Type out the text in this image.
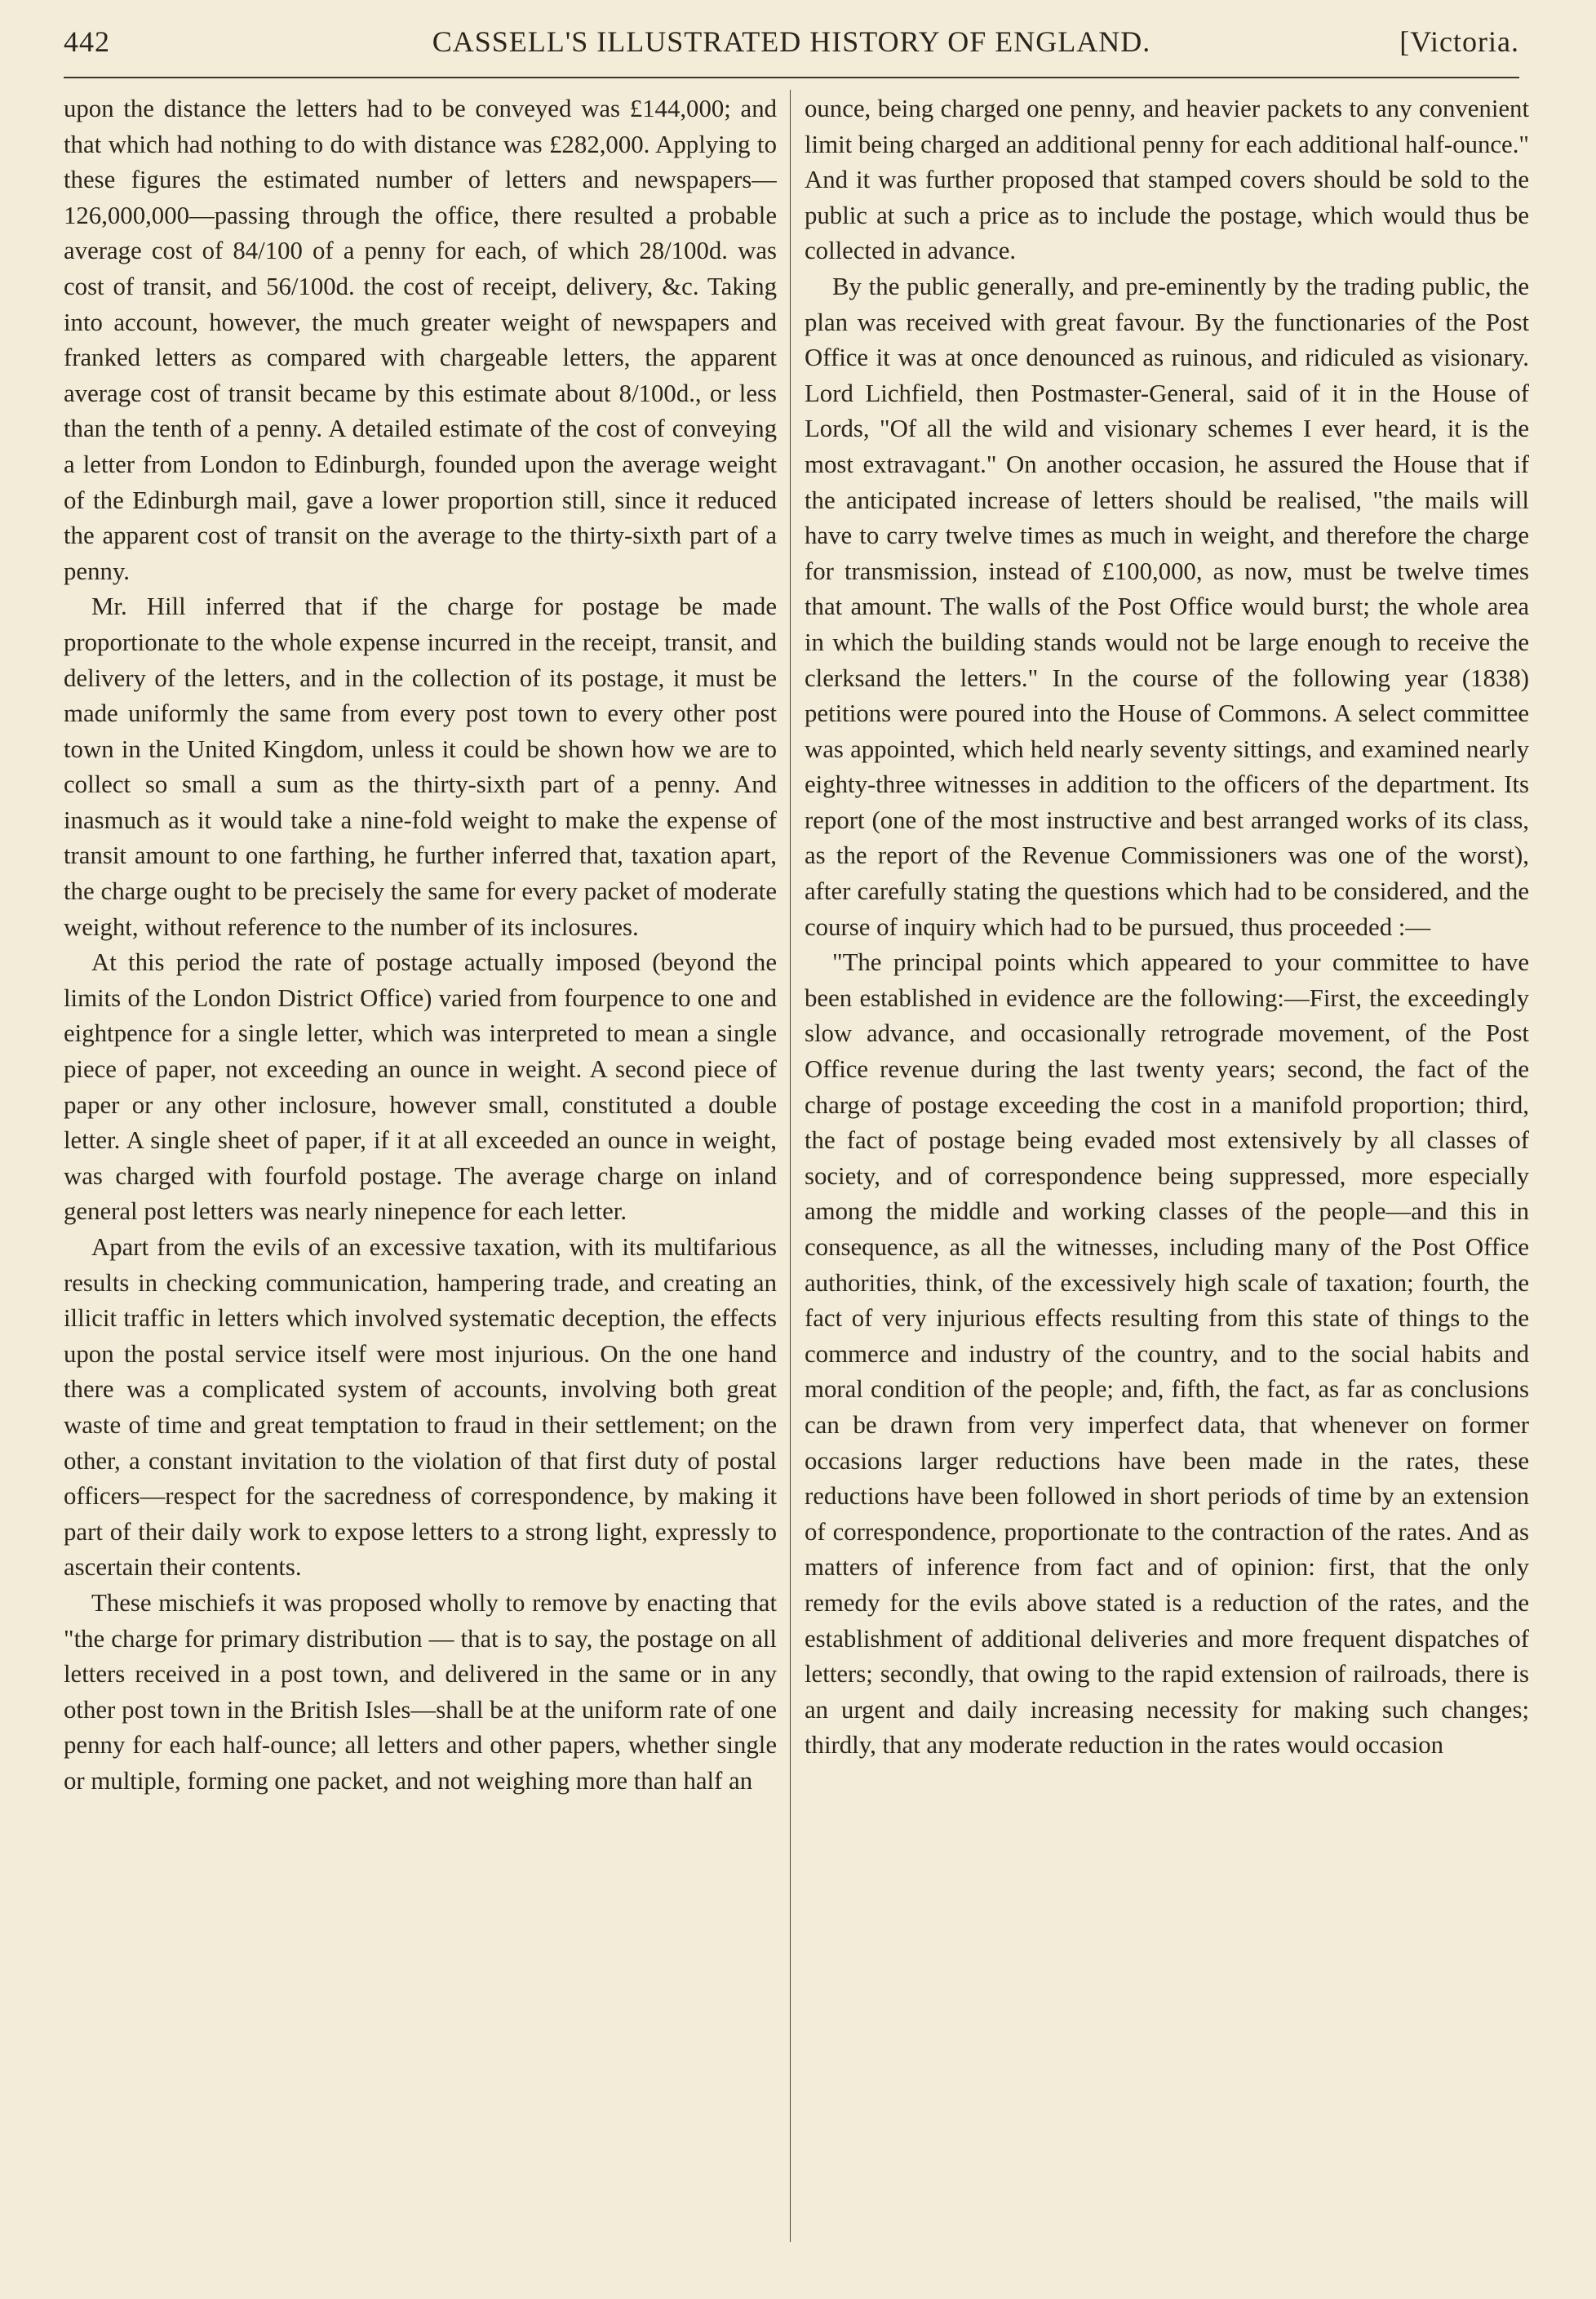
442	CASSELL'S ILLUSTRATED HISTORY OF ENGLAND.	[Victoria.

upon the distance the letters had to be conveyed was £144,000; and that which had nothing to do with distance was £282,000. Applying to these figures the estimated number of letters and newspapers—126,000,000—passing through the office, there resulted a probable average cost of 84/100 of a penny for each, of which 28/100d. was cost of transit, and 56/100d. the cost of receipt, delivery, &c. Taking into account, however, the much greater weight of newspapers and franked letters as compared with chargeable letters, the apparent average cost of transit became by this estimate about 8/100d., or less than the tenth of a penny. A detailed estimate of the cost of conveying a letter from London to Edinburgh, founded upon the average weight of the Edinburgh mail, gave a lower proportion still, since it reduced the apparent cost of transit on the average to the thirty-sixth part of a penny.

Mr. Hill inferred that if the charge for postage be made proportionate to the whole expense incurred in the receipt, transit, and delivery of the letters, and in the collection of its postage, it must be made uniformly the same from every post town to every other post town in the United Kingdom, unless it could be shown how we are to collect so small a sum as the thirty-sixth part of a penny. And inasmuch as it would take a nine-fold weight to make the expense of transit amount to one farthing, he further inferred that, taxation apart, the charge ought to be precisely the same for every packet of moderate weight, without reference to the number of its inclosures.

At this period the rate of postage actually imposed (beyond the limits of the London District Office) varied from fourpence to one and eightpence for a single letter, which was interpreted to mean a single piece of paper, not exceeding an ounce in weight. A second piece of paper or any other inclosure, however small, constituted a double letter. A single sheet of paper, if it at all exceeded an ounce in weight, was charged with fourfold postage. The average charge on inland general post letters was nearly ninepence for each letter.

Apart from the evils of an excessive taxation, with its multifarious results in checking communication, hampering trade, and creating an illicit traffic in letters which involved systematic deception, the effects upon the postal service itself were most injurious. On the one hand there was a complicated system of accounts, involving both great waste of time and great temptation to fraud in their settlement; on the other, a constant invitation to the violation of that first duty of postal officers—respect for the sacredness of correspondence, by making it part of their daily work to expose letters to a strong light, expressly to ascertain their contents.

These mischiefs it was proposed wholly to remove by enacting that "the charge for primary distribution — that is to say, the postage on all letters received in a post town, and delivered in the same or in any other post town in the British Isles—shall be at the uniform rate of one penny for each half-ounce; all letters and other papers, whether single or multiple, forming one packet, and not weighing more than half an

ounce, being charged one penny, and heavier packets to any convenient limit being charged an additional penny for each additional half-ounce." And it was further proposed that stamped covers should be sold to the public at such a price as to include the postage, which would thus be collected in advance.

By the public generally, and pre-eminently by the trading public, the plan was received with great favour. By the functionaries of the Post Office it was at once denounced as ruinous, and ridiculed as visionary. Lord Lichfield, then Postmaster-General, said of it in the House of Lords, "Of all the wild and visionary schemes I ever heard, it is the most extravagant." On another occasion, he assured the House that if the anticipated increase of letters should be realised, "the mails will have to carry twelve times as much in weight, and therefore the charge for transmission, instead of £100,000, as now, must be twelve times that amount. The walls of the Post Office would burst; the whole area in which the building stands would not be large enough to receive the clerksand the letters." In the course of the following year (1838) petitions were poured into the House of Commons. A select committee was appointed, which held nearly seventy sittings, and examined nearly eighty-three witnesses in addition to the officers of the department. Its report (one of the most instructive and best arranged works of its class, as the report of the Revenue Commissioners was one of the worst), after carefully stating the questions which had to be considered, and the course of inquiry which had to be pursued, thus proceeded :—

"The principal points which appeared to your committee to have been established in evidence are the following:—First, the exceedingly slow advance, and occasionally retrograde movement, of the Post Office revenue during the last twenty years; second, the fact of the charge of postage exceeding the cost in a manifold proportion; third, the fact of postage being evaded most extensively by all classes of society, and of correspondence being suppressed, more especially among the middle and working classes of the people—and this in consequence, as all the witnesses, including many of the Post Office authorities, think, of the excessively high scale of taxation; fourth, the fact of very injurious effects resulting from this state of things to the commerce and industry of the country, and to the social habits and moral condition of the people; and, fifth, the fact, as far as conclusions can be drawn from very imperfect data, that whenever on former occasions larger reductions have been made in the rates, these reductions have been followed in short periods of time by an extension of correspondence, proportionate to the contraction of the rates. And as matters of inference from fact and of opinion: first, that the only remedy for the evils above stated is a reduction of the rates, and the establishment of additional deliveries and more frequent dispatches of letters; secondly, that owing to the rapid extension of railroads, there is an urgent and daily increasing necessity for making such changes; thirdly, that any moderate reduction in the rates would occasion
